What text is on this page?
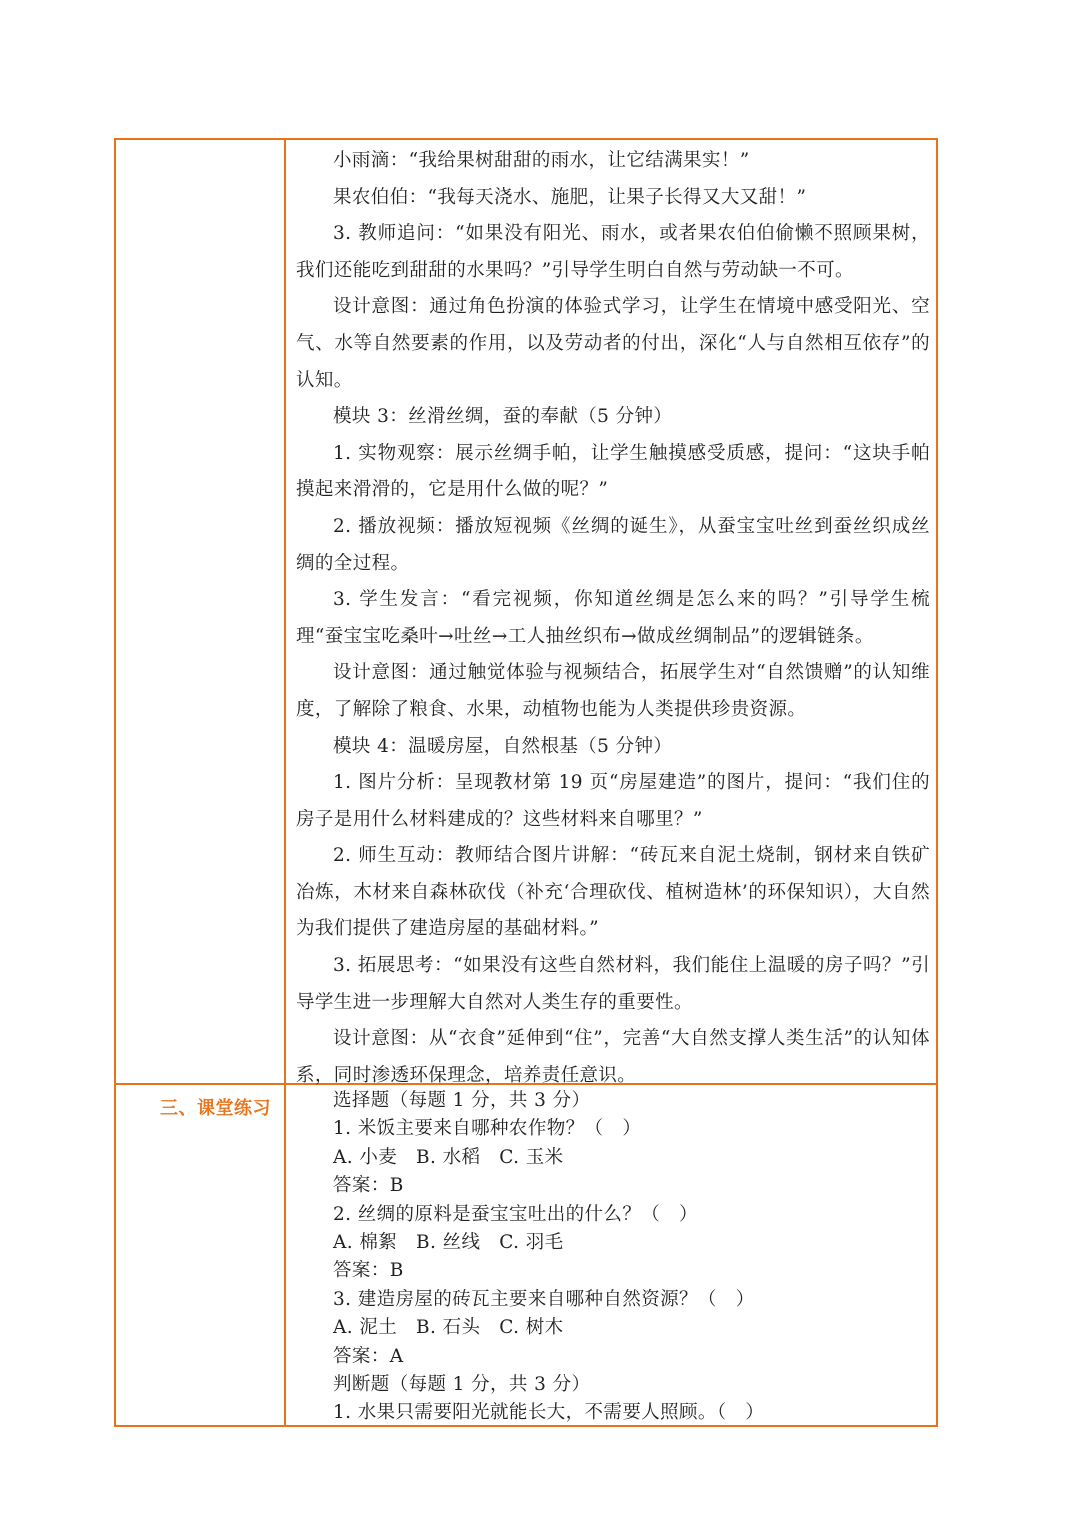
小雨滴：“我给果树甜甜的雨水，让它结满果实！”

果农伯伯：“我每天浇水、施肥，让果子长得又大又甜！”

3. 教师追问：“如果没有阳光、雨水，或者果农伯伯偷懒不照顾果树，我们还能吃到甜甜的水果吗？”引导学生明白自然与劳动缺一不可。

设计意图：通过角色扮演的体验式学习，让学生在情境中感受阳光、空气、水等自然要素的作用，以及劳动者的付出，深化“人与自然相互依存”的认知。

模块 3：丝滑丝绸，蚕的奉献（5 分钟）

1. 实物观察：展示丝绸手帕，让学生触摸感受质感，提问：“这块手帕摸起来滑滑的，它是用什么做的呢？”

2. 播放视频：播放短视频《丝绸的诞生》，从蚕宝宝吐丝到蚕丝织成丝绸的全过程。

3. 学生发言：“看完视频，你知道丝绸是怎么来的吗？”引导学生梳理“蚕宝宝吃桑叶→吐丝→工人抽丝织布→做成丝绸制品”的逻辑链条。

设计意图：通过触觉体验与视频结合，拓展学生对“自然馈赠”的认知维度，了解除了粮食、水果，动植物也能为人类提供珍贵资源。

模块 4：温暖房屋，自然根基（5 分钟）

1. 图片分析：呈现教材第 19 页“房屋建造”的图片，提问：“我们住的房子是用什么材料建成的？这些材料来自哪里？”

2. 师生互动：教师结合图片讲解：“砖瓦来自泥土烧制，钢材来自铁矿冶炼，木材来自森林砍伐（补充‘合理砍伐、植树造林’的环保知识），大自然为我们提供了建造房屋的基础材料。”

3. 拓展思考：“如果没有这些自然材料，我们能住上温暖的房子吗？”引导学生进一步理解大自然对人类生存的重要性。

设计意图：从“衣食”延伸到“住”，完善“大自然支撑人类生活”的认知体系，同时渗透环保理念，培养责任意识。

三、课堂练习	选择题（每题 1 分，共 3 分）

1. 米饭主要来自哪种农作物？（　）

A. 小麦　B. 水稻　C. 玉米

答案：B

2. 丝绸的原料是蚕宝宝吐出的什么？（　）

A. 棉絮　B. 丝线　C. 羽毛

答案：B

3. 建造房屋的砖瓦主要来自哪种自然资源？（　）

A. 泥土　B. 石头　C. 树木

答案：A

判断题（每题 1 分，共 3 分）

1. 水果只需要阳光就能长大，不需要人照顾。（　）
